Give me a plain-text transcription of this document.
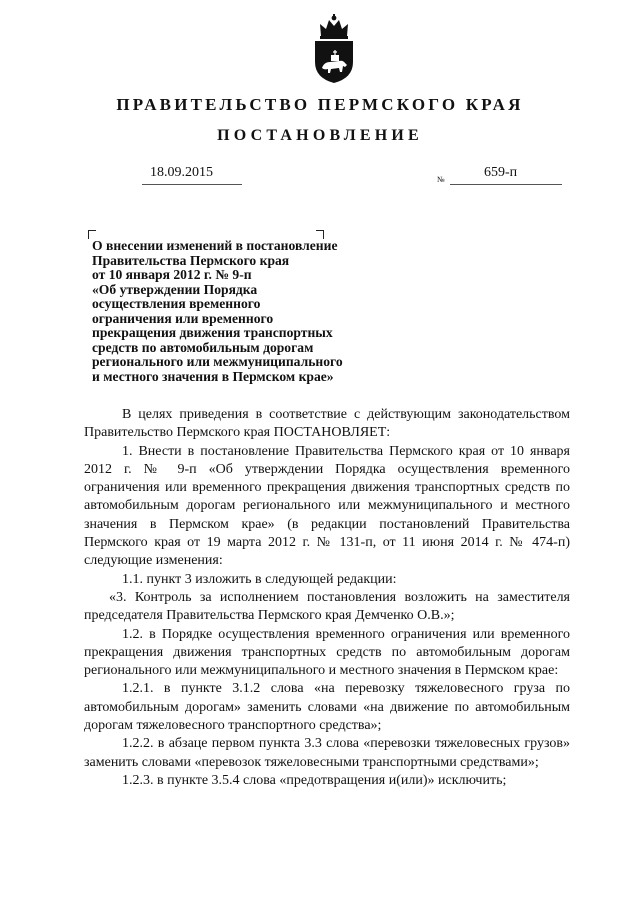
ПРАВИТЕЛЬСТВО ПЕРМСКОГО КРАЯ
ПОСТАНОВЛЕНИЕ
18.09.2015	№	659-п

О внесении изменений в постановление
Правительства Пермского края
от 10 января 2012 г. № 9-п
«Об утверждении Порядка
осуществления временного
ограничения или временного
прекращения движения транспортных
средств по автомобильным дорогам
регионального или межмуниципального
и местного значения в Пермском крае»

В целях приведения в соответствие с действующим законодательством Правительство Пермского края ПОСТАНОВЛЯЕТ:

1. Внести в постановление Правительства Пермского края от 10 января 2012 г. № 9-п «Об утверждении Порядка осуществления временного ограничения или временного прекращения движения транспортных средств по автомобильным дорогам регионального или межмуниципального и местного значения в Пермском крае» (в редакции постановлений Правительства Пермского края от 19 марта 2012 г. № 131-п, от 11 июня 2014 г. № 474-п) следующие изменения:

1.1. пункт 3 изложить в следующей редакции:

«3. Контроль за исполнением постановления возложить на заместителя председателя Правительства Пермского края Демченко О.В.»;

1.2. в Порядке осуществления временного ограничения или временного прекращения движения транспортных средств по автомобильным дорогам регионального или межмуниципального и местного значения в Пермском крае:

1.2.1. в пункте 3.1.2 слова «на перевозку тяжеловесного груза по автомобильным дорогам» заменить словами «на движение по автомобильным дорогам тяжеловесного транспортного средства»;

1.2.2. в абзаце первом пункта 3.3 слова «перевозки тяжеловесных грузов» заменить словами «перевозок тяжеловесными транспортными средствами»;

1.2.3. в пункте 3.5.4 слова «предотвращения и(или)» исключить;
